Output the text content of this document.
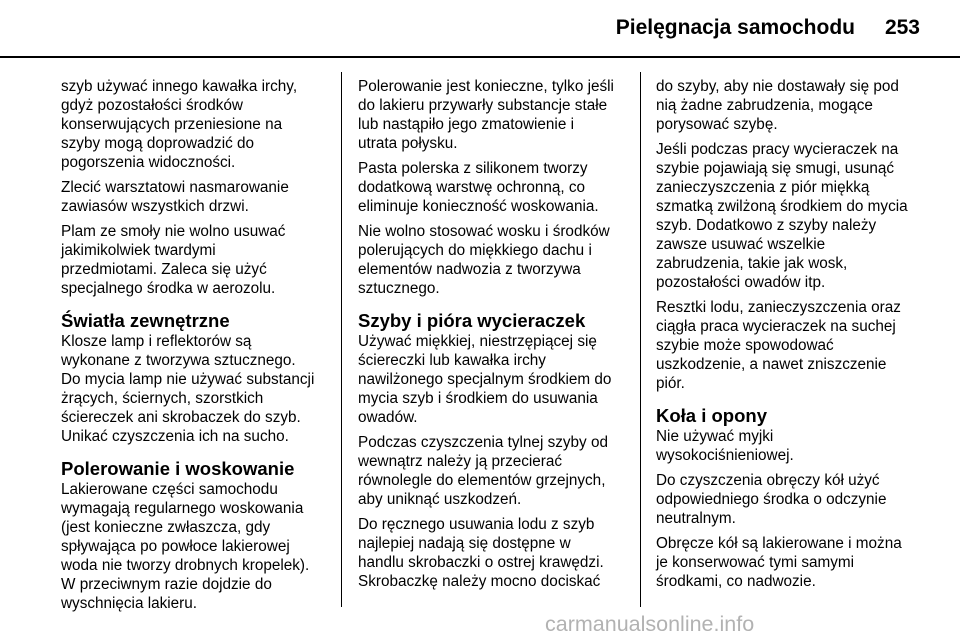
Pielęgnacja samochodu 253

szyb używać innego kawałka irchy,
gdyż pozostałości środków
konserwujących przeniesione na
szyby mogą doprowadzić do
pogorszenia widoczności.

Zlecić warsztatowi nasmarowanie
zawiasów wszystkich drzwi.

Plam ze smoły nie wolno usuwać
jakimikolwiek twardymi
przedmiotami. Zaleca się użyć
specjalnego środka w aerozolu.

Światła zewnętrzne

Klosze lamp i reflektorów są
wykonane z tworzywa sztucznego.
Do mycia lamp nie używać substancji
żrących, ściernych, szorstkich
ściereczek ani skrobaczek do szyb.
Unikać czyszczenia ich na sucho.

Polerowanie i woskowanie

Lakierowane części samochodu
wymagają regularnego woskowania
(jest konieczne zwłaszcza, gdy
spływająca po powłoce lakierowej
woda nie tworzy drobnych kropelek).
W przeciwnym razie dojdzie do
wyschnięcia lakieru.

Polerowanie jest konieczne, tylko jeśli
do lakieru przywarły substancje stałe
lub nastąpiło jego zmatowienie i
utrata połysku.

Pasta polerska z silikonem tworzy
dodatkową warstwę ochronną, co
eliminuje konieczność woskowania.

Nie wolno stosować wosku i środków
polerujących do miękkiego dachu i
elementów nadwozia z tworzywa
sztucznego.

Szyby i pióra wycieraczek

Używać miękkiej, niestrzępiącej się
ściereczki lub kawałka irchy
nawilżonego specjalnym środkiem do
mycia szyb i środkiem do usuwania
owadów.

Podczas czyszczenia tylnej szyby od
wewnątrz należy ją przecierać
równolegle do elementów grzejnych,
aby uniknąć uszkodzeń.

Do ręcznego usuwania lodu z szyb
najlepiej nadają się dostępne w
handlu skrobaczki o ostrej krawędzi.
Skrobaczkę należy mocno dociskać

do szyby, aby nie dostawały się pod
nią żadne zabrudzenia, mogące
porysować szybę.

Jeśli podczas pracy wycieraczek na
szybie pojawiają się smugi, usunąć
zanieczyszczenia z piór miękką
szmatką zwilżoną środkiem do mycia
szyb. Dodatkowo z szyby należy
zawsze usuwać wszelkie
zabrudzenia, takie jak wosk,
pozostałości owadów itp.

Resztki lodu, zanieczyszczenia oraz
ciągła praca wycieraczek na suchej
szybie może spowodować
uszkodzenie, a nawet zniszczenie
piór.

Koła i opony

Nie używać myjki
wysokociśnieniowej.

Do czyszczenia obręczy kół użyć
odpowiedniego środka o odczynie
neutralnym.

Obręcze kół są lakierowane i można
je konserwować tymi samymi
środkami, co nadwozie.

carmanualsonline.info
